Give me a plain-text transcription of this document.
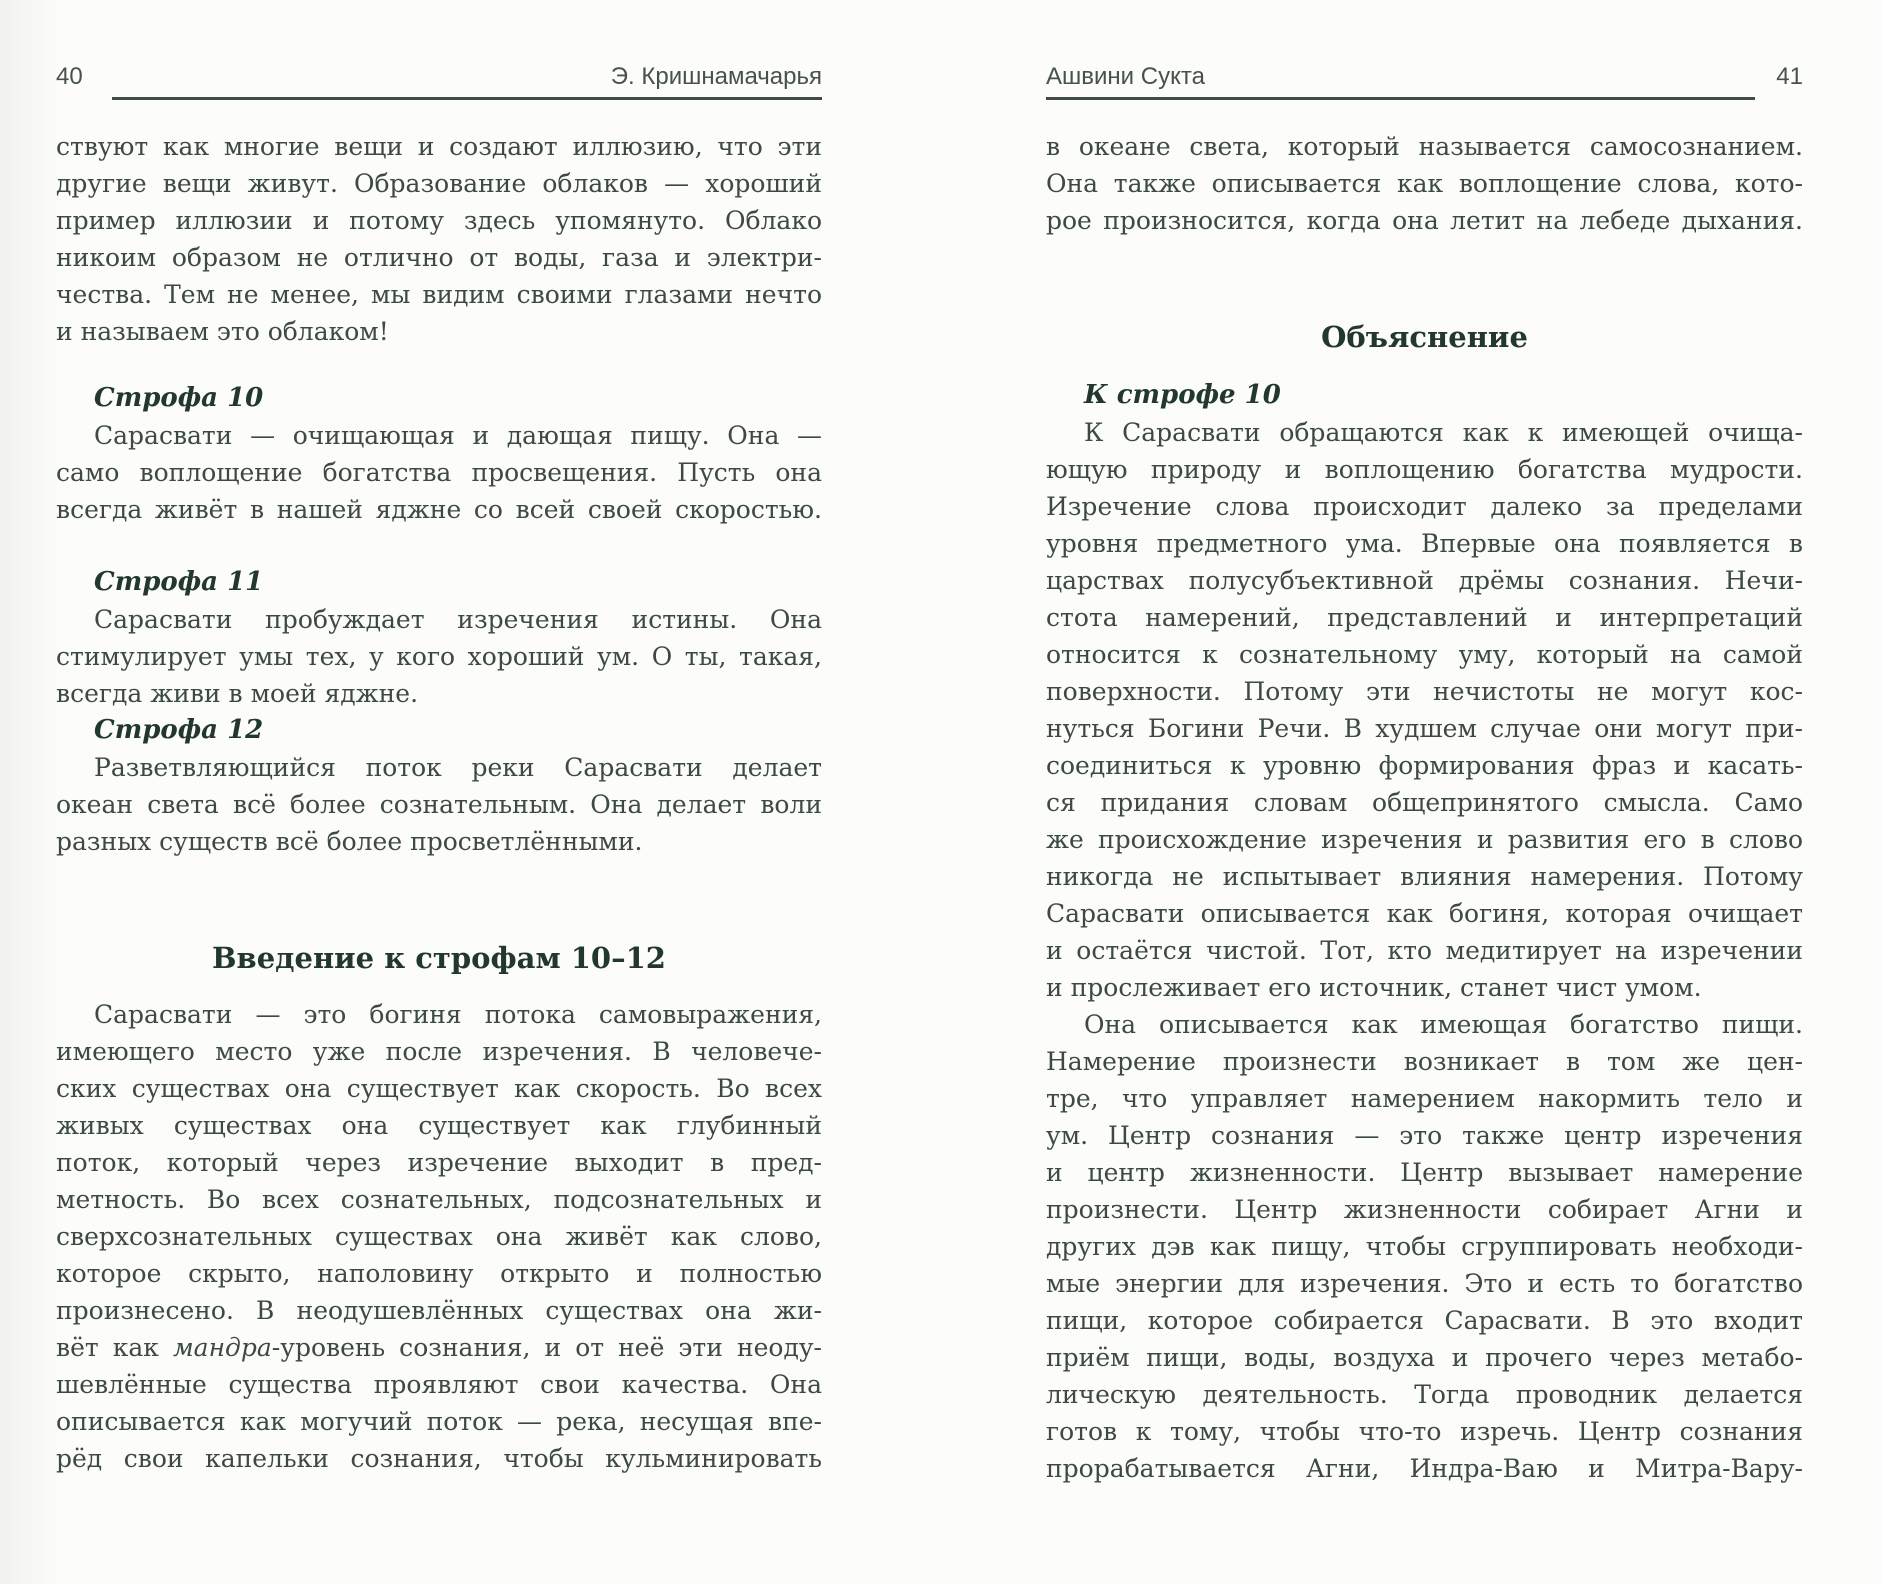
40	Э. Кришнамачарья
ствуют как многие вещи и создают иллюзию, что эти
другие вещи живут. Образование облаков — хороший
пример иллюзии и потому здесь упомянуто. Облако
никоим образом не отлично от воды, газа и электри-
чества. Тем не менее, мы видим своими глазами нечто
и называем это облаком!
Строфа 10
Сарасвати — очищающая и дающая пищу. Она —
само воплощение богатства просвещения. Пусть она
всегда живёт в нашей яджне со всей своей скоростью.
Строфа 11
Сарасвати пробуждает изречения истины. Она
стимулирует умы тех, у кого хороший ум. О ты, такая,
всегда живи в моей яджне.
Строфа 12
Разветвляющийся поток реки Сарасвати делает
океан света всё более сознательным. Она делает воли
разных существ всё более просветлёнными.
Введение к строфам 10–12
Сарасвати — это богиня потока самовыражения,
имеющего место уже после изречения. В человече-
ских существах она существует как скорость. Во всех
живых существах она существует как глубинный
поток, который через изречение выходит в пред-
метность. Во всех сознательных, подсознательных и
сверхсознательных существах она живёт как слово,
которое скрыто, наполовину открыто и полностью
произнесено. В неодушевлённых существах она жи-
вёт как мандра-уровень сознания, и от неё эти неоду-
шевлённые существа проявляют свои качества. Она
описывается как могучий поток — река, несущая впе-
рёд свои капельки сознания, чтобы кульминировать
Ашвини Сукта	41
в океане света, который называется самосознанием.
Она также описывается как воплощение слова, кото-
рое произносится, когда она летит на лебеде дыхания.
Объяснение
К строфе 10
К Сарасвати обращаются как к имеющей очища-
ющую природу и воплощению богатства мудрости.
Изречение слова происходит далеко за пределами
уровня предметного ума. Впервые она появляется в
царствах полусубъективной дрёмы сознания. Нечи-
стота намерений, представлений и интерпретаций
относится к сознательному уму, который на самой
поверхности. Потому эти нечистоты не могут кос-
нуться Богини Речи. В худшем случае они могут при-
соединиться к уровню формирования фраз и касать-
ся придания словам общепринятого смысла. Само
же происхождение изречения и развития его в слово
никогда не испытывает влияния намерения. Потому
Сарасвати описывается как богиня, которая очищает
и остаётся чистой. Тот, кто медитирует на изречении
и прослеживает его источник, станет чист умом.
Она описывается как имеющая богатство пищи.
Намерение произнести возникает в том же цен-
тре, что управляет намерением накормить тело и
ум. Центр сознания — это также центр изречения
и центр жизненности. Центр вызывает намерение
произнести. Центр жизненности собирает Агни и
других дэв как пищу, чтобы сгруппировать необходи-
мые энергии для изречения. Это и есть то богатство
пищи, которое собирается Сарасвати. В это входит
приём пищи, воды, воздуха и прочего через метабо-
лическую деятельность. Тогда проводник делается
готов к тому, чтобы что-то изречь. Центр сознания
прорабатывается Агни, Индра-Ваю и Митра-Вару-
